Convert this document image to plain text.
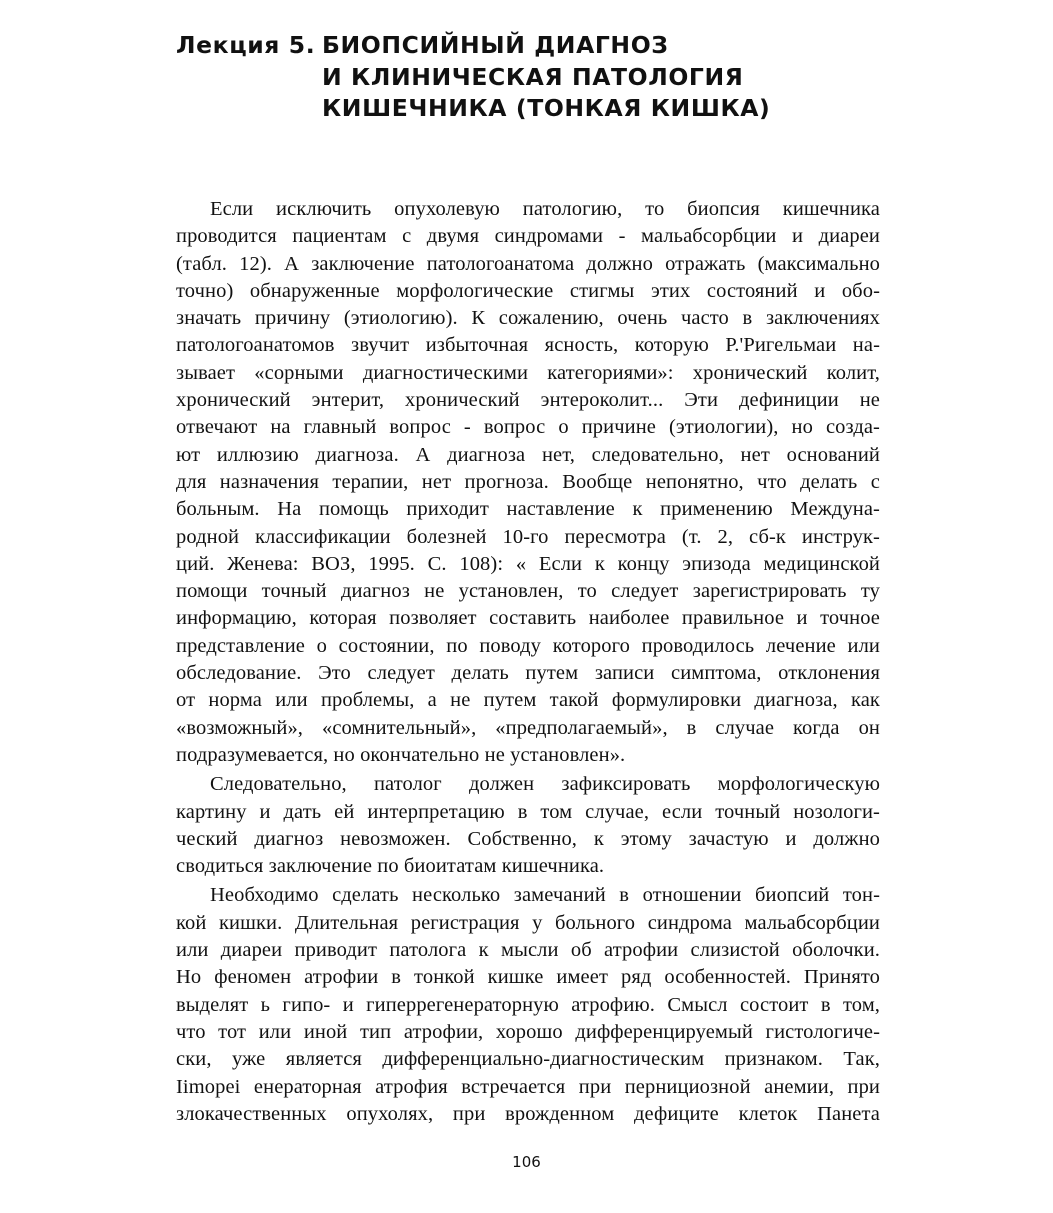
Лекция 5. БИОПСИЙНЫЙ ДИАГНОЗ
И КЛИНИЧЕСКАЯ ПАТОЛОГИЯ
КИШЕЧНИКА (ТОНКАЯ КИШКА)

Если исключить опухолевую патологию, то биопсия кишечника
проводится пациентам с двумя синдромами - мальабсорбции и диареи
(табл. 12). А заключение патологоанатома должно отражать (максимально
точно) обнаруженные морфологические стигмы этих состояний и обо-
значать причину (этиологию). К сожалению, очень часто в заключениях
патологоанатомов звучит избыточная ясность, которую Р.'Ригельмаи на-
зывает «сорными диагностическими категориями»: хронический колит,
хронический энтерит, хронический энтероколит... Эти дефиниции не
отвечают на главный вопрос - вопрос о причине (этиологии), но созда-
ют иллюзию диагноза. А диагноза нет, следовательно, нет оснований
для назначения терапии, нет прогноза. Вообще непонятно, что делать с
больным. На помощь приходит наставление к применению Междуна-
родной классификации болезней 10-го пересмотра (т. 2, сб-к инструк-
ций. Женева: ВОЗ, 1995. С. 108): « Если к концу эпизода медицинской
помощи точный диагноз не установлен, то следует зарегистрировать ту
информацию, которая позволяет составить наиболее правильное и точное
представление о состоянии, по поводу которого проводилось лечение или
обследование. Это следует делать путем записи симптома, отклонения
от норма или проблемы, а не путем такой формулировки диагноза, как
«возможный», «сомнительный», «предполагаемый», в случае когда он
подразумевается, но окончательно не установлен».

Следовательно, патолог должен зафиксировать морфологическую
картину и дать ей интерпретацию в том случае, если точный нозологи-
ческий диагноз невозможен. Собственно, к этому зачастую и должно
сводиться заключение по биоитатам кишечника.

Необходимо сделать несколько замечаний в отношении биопсий тон-
кой кишки. Длительная регистрация у больного синдрома мальабсорбции
или диареи приводит патолога к мысли об атрофии слизистой оболочки.
Но феномен атрофии в тонкой кишке имеет ряд особенностей. Принято
выделят ь гипо- и гиперрегенераторную атрофию. Смысл состоит в том,
что тот или иной тип атрофии, хорошо дифференцируемый гистологиче-
ски, уже является дифференциально-диагностическим признаком. Так,
Iimopei енераторная атрофия встречается при пернициозной анемии, при
злокачественных опухолях, при врожденном дефиците клеток Панета

106
